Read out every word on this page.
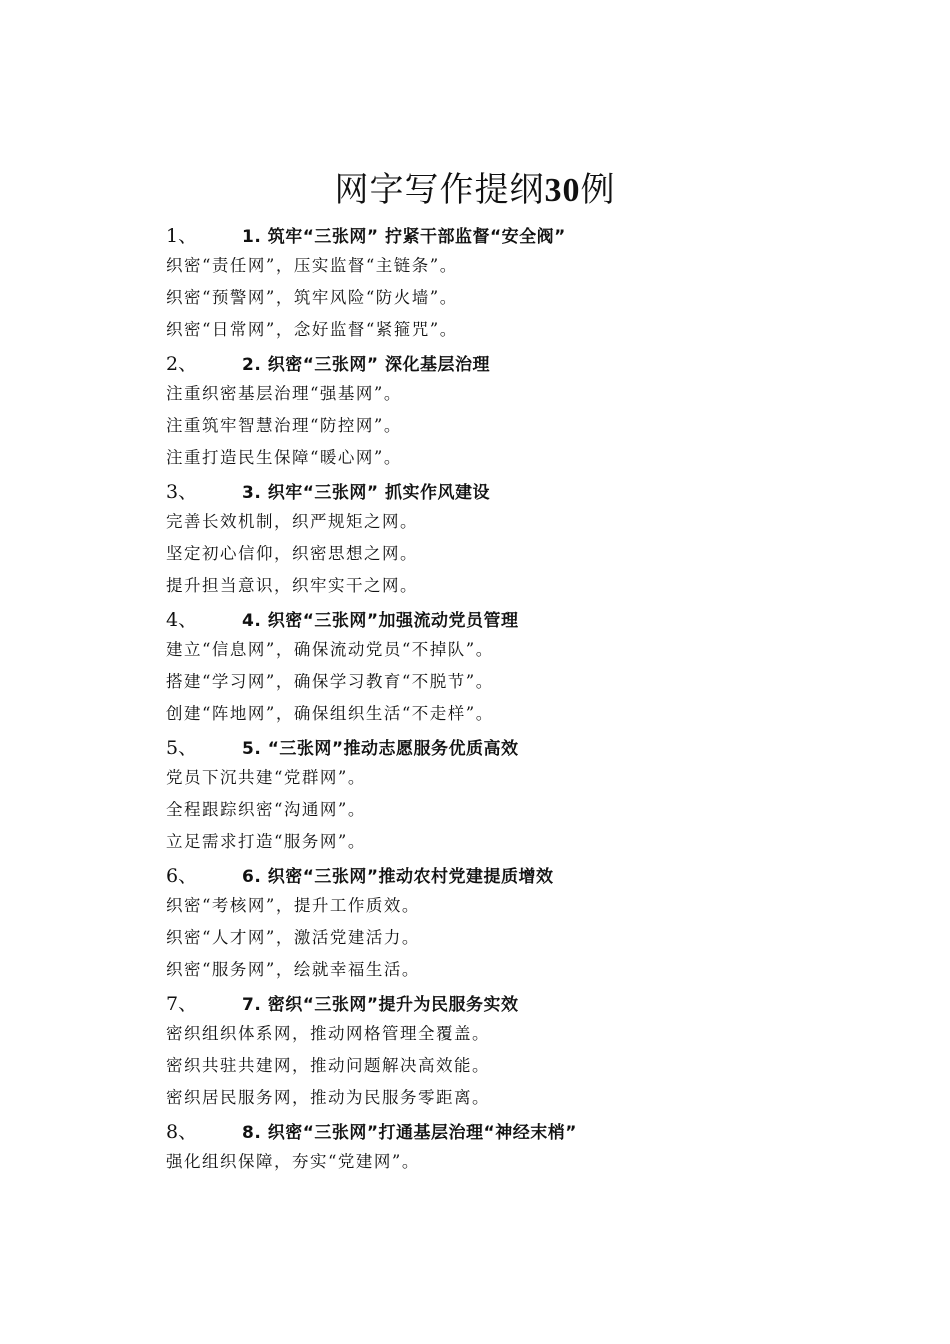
网字写作提纲30例
1、	1. 筑牢“三张网” 拧紧干部监督“安全阀”
织密“责任网”，压实监督“主链条”。
织密“预警网”，筑牢风险“防火墙”。
织密“日常网”，念好监督“紧箍咒”。
2、	2. 织密“三张网” 深化基层治理
注重织密基层治理“强基网”。
注重筑牢智慧治理“防控网”。
注重打造民生保障“暖心网”。
3、	3. 织牢“三张网” 抓实作风建设
完善长效机制，织严规矩之网。
坚定初心信仰，织密思想之网。
提升担当意识，织牢实干之网。
4、	4. 织密“三张网”加强流动党员管理
建立“信息网”，确保流动党员“不掉队”。
搭建“学习网”，确保学习教育“不脱节”。
创建“阵地网”，确保组织生活“不走样”。
5、	5. “三张网”推动志愿服务优质高效
党员下沉共建“党群网”。
全程跟踪织密“沟通网”。
立足需求打造“服务网”。
6、	6. 织密“三张网”推动农村党建提质增效
织密“考核网”，提升工作质效。
织密“人才网”，激活党建活力。
织密“服务网”，绘就幸福生活。
7、	7. 密织“三张网”提升为民服务实效
密织组织体系网，推动网格管理全覆盖。
密织共驻共建网，推动问题解决高效能。
密织居民服务网，推动为民服务零距离。
8、	8. 织密“三张网”打通基层治理“神经末梢”
强化组织保障，夯实“党建网”。
